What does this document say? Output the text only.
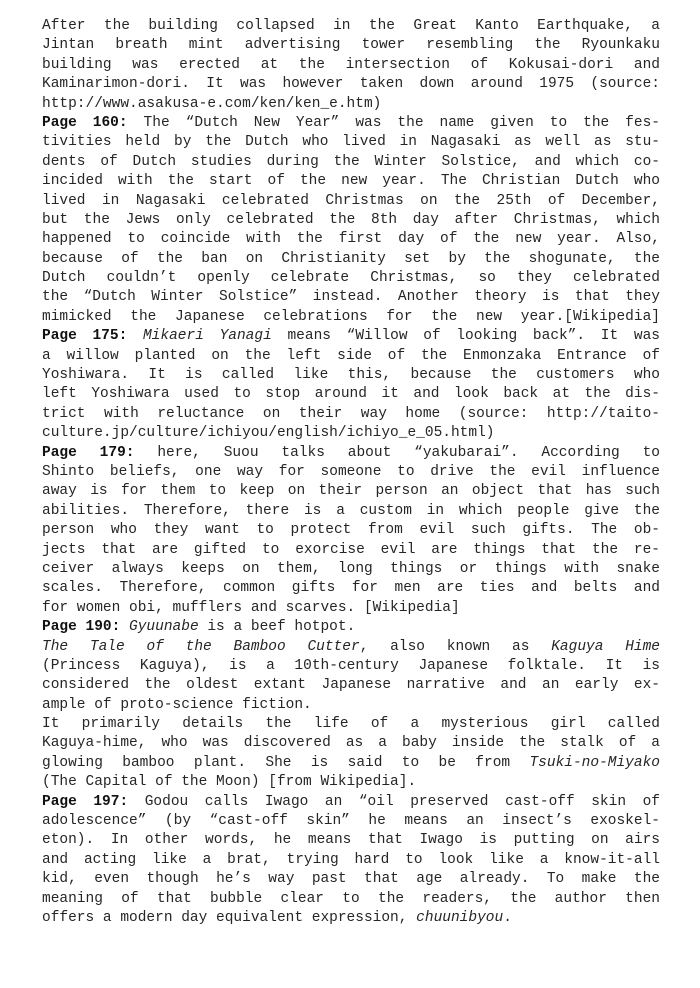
After the building collapsed in the Great Kanto Earthquake, a
Jintan breath mint advertising tower resembling the Ryounkaku
building was erected at the intersection of Kokusai-dori and
Kaminarimon-dori. It was however taken down around 1975 (source:
http://www.asakusa-e.com/ken/ken_e.htm)
Page 160: The “Dutch New Year” was the name given to the fes-
tivities held by the Dutch who lived in Nagasaki as well as stu-
dents of Dutch studies during the Winter Solstice, and which co-
incided with the start of the new year. The Christian Dutch who
lived in Nagasaki celebrated Christmas on the 25th of December,
but the Jews only celebrated the 8th day after Christmas, which
happened to coincide with the first day of the new year. Also,
because of the ban on Christianity set by the shogunate, the
Dutch couldn’t openly celebrate Christmas, so they celebrated
the “Dutch Winter Solstice” instead. Another theory is that they
mimicked the Japanese celebrations for the new year.[Wikipedia]
Page 175: Mikaeri Yanagi means “Willow of looking back”. It was
a willow planted on the left side of the Enmonzaka Entrance of
Yoshiwara. It is called like this, because the customers who
left Yoshiwara used to stop around it and look back at the dis-
trict with reluctance on their way home (source: http://taito-
culture.jp/culture/ichiyou/english/ichiyo_e_05.html)
Page 179: here, Suou talks about “yakubarai”. According to
Shinto beliefs, one way for someone to drive the evil influence
away is for them to keep on their person an object that has such
abilities. Therefore, there is a custom in which people give the
person who they want to protect from evil such gifts. The ob-
jects that are gifted to exorcise evil are things that the re-
ceiver always keeps on them, long things or things with snake
scales. Therefore, common gifts for men are ties and belts and
for women obi, mufflers and scarves. [Wikipedia]
Page 190: Gyuunabe is a beef hotpot.
The Tale of the Bamboo Cutter, also known as Kaguya Hime
(Princess Kaguya), is a 10th-century Japanese folktale. It is
considered the oldest extant Japanese narrative and an early ex-
ample of proto-science fiction.
It primarily details the life of a mysterious girl called
Kaguya-hime, who was discovered as a baby inside the stalk of a
glowing bamboo plant. She is said to be from Tsuki-no-Miyako
(The Capital of the Moon) [from Wikipedia].
Page 197: Godou calls Iwago an “oil preserved cast-off skin of
adolescence” (by “cast-off skin” he means an insect’s exoskel-
eton). In other words, he means that Iwago is putting on airs
and acting like a brat, trying hard to look like a know-it-all
kid, even though he’s way past that age already. To make the
meaning of that bubble clear to the readers, the author then
offers a modern day equivalent expression, chuunibyou.
